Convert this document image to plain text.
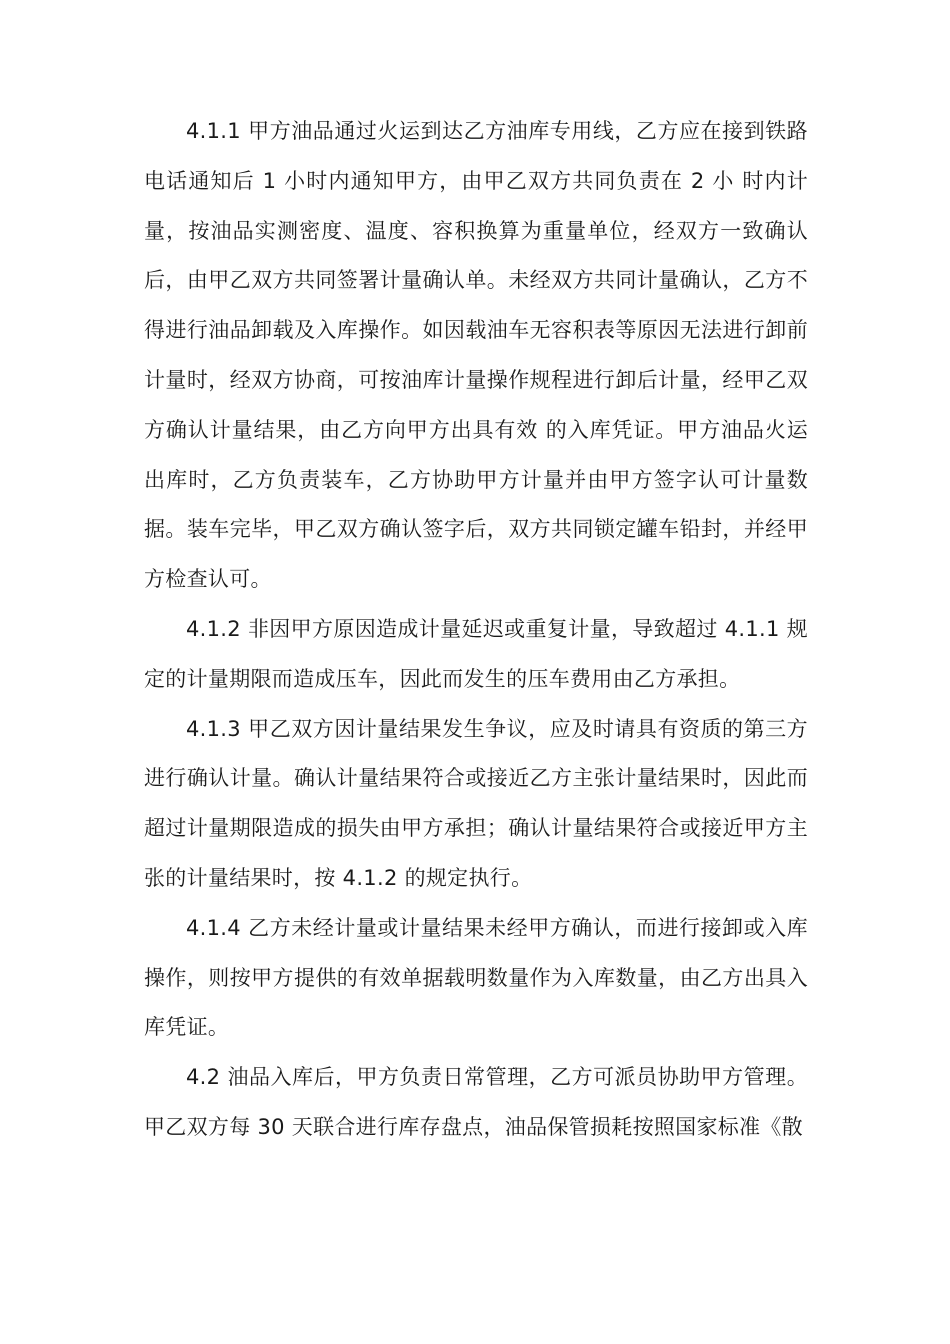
4.1.1 甲方油品通过火运到达乙方油库专用线，乙方应在接到铁路电话通知后 1 小时内通知甲方，由甲乙双方共同负责在 2 小 时内计量，按油品实测密度、温度、容积换算为重量单位，经双方一致确认后，由甲乙双方共同签署计量确认单。未经双方共同计量确认，乙方不得进行油品卸载及入库操作。如因载油车无容积表等原因无法进行卸前计量时，经双方协商，可按油库计量操作规程进行卸后计量，经甲乙双方确认计量结果，由乙方向甲方出具有效 的入库凭证。甲方油品火运出库时，乙方负责装车，乙方协助甲方计量并由甲方签字认可计量数据。装车完毕，甲乙双方确认签字后，双方共同锁定罐车铅封，并经甲方检查认可。

4.1.2 非因甲方原因造成计量延迟或重复计量，导致超过 4.1.1 规定的计量期限而造成压车，因此而发生的压车费用由乙方承担。

4.1.3 甲乙双方因计量结果发生争议，应及时请具有资质的第三方进行确认计量。确认计量结果符合或接近乙方主张计量结果时，因此而超过计量期限造成的损失由甲方承担；确认计量结果符合或接近甲方主张的计量结果时，按 4.1.2 的规定执行。

4.1.4 乙方未经计量或计量结果未经甲方确认，而进行接卸或入库操作，则按甲方提供的有效单据载明数量作为入库数量，由乙方出具入库凭证。

4.2 油品入库后，甲方负责日常管理，乙方可派员协助甲方管理。甲乙双方每 30 天联合进行库存盘点，油品保管损耗按照国家标准《散
